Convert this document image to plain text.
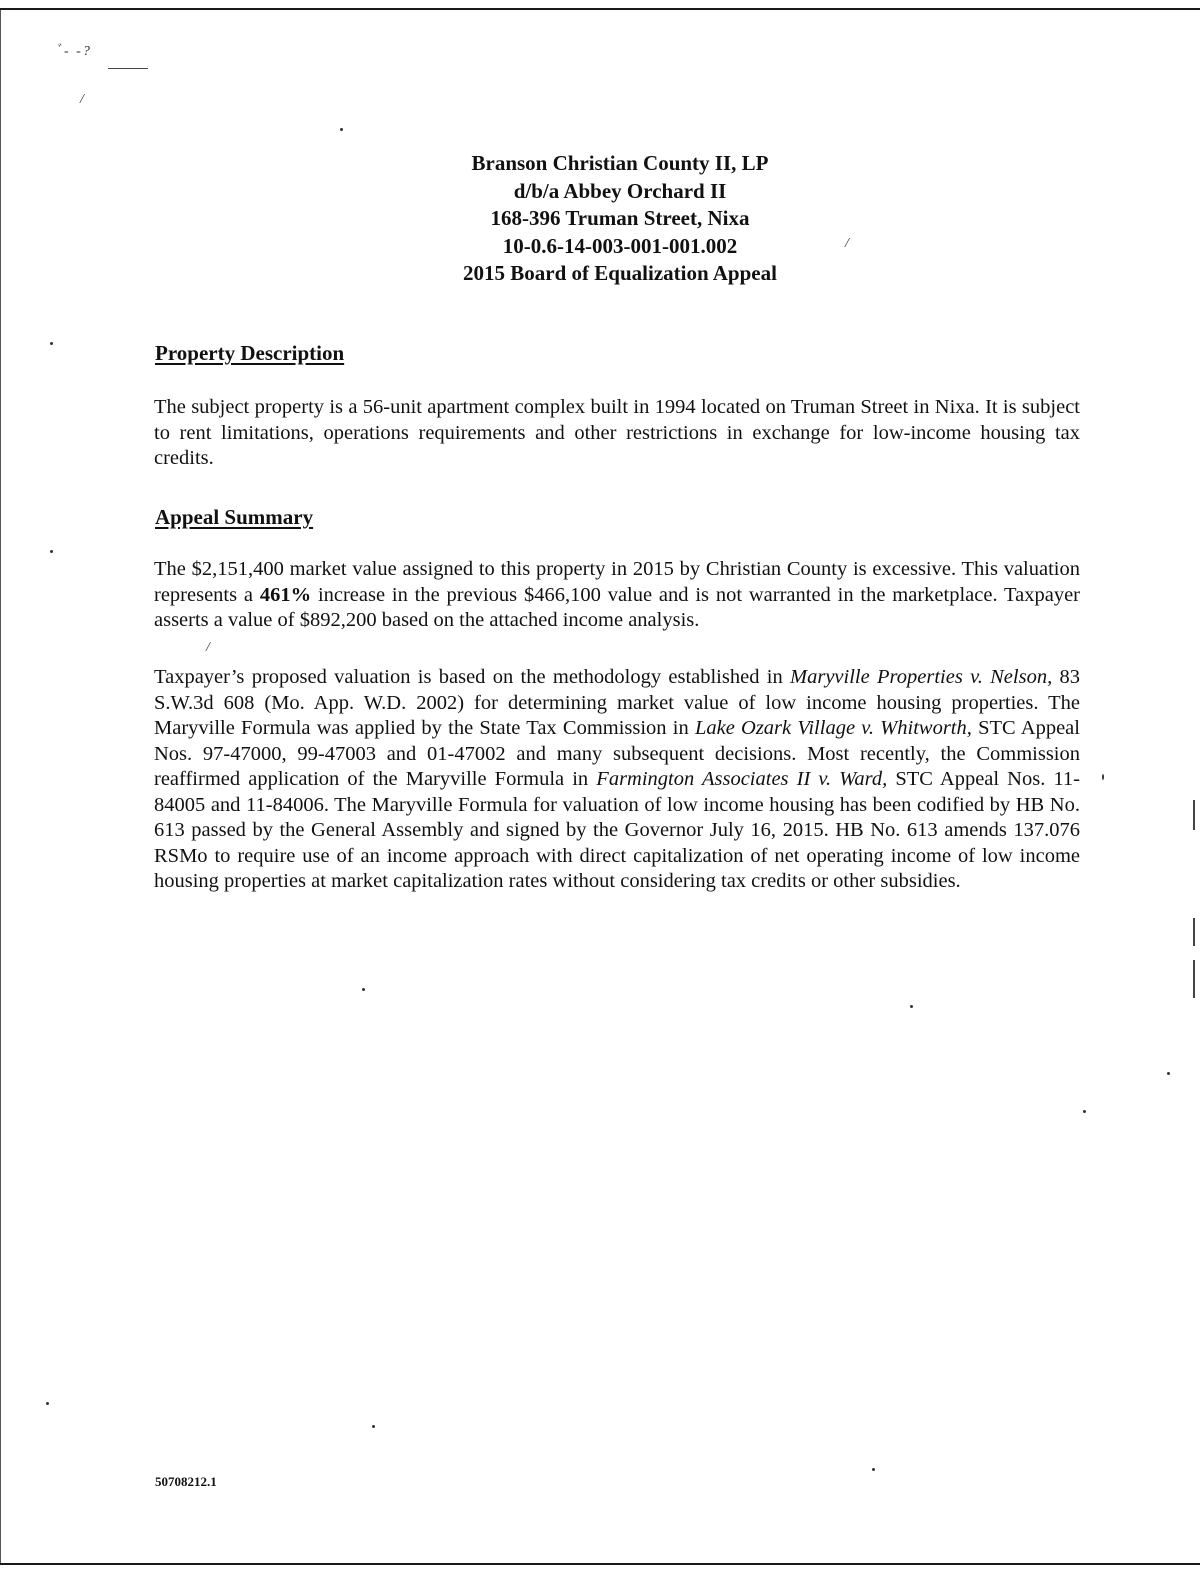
ﾞ- -?
Branson Christian County II, LP
d/b/a Abbey Orchard II
168-396 Truman Street, Nixa
10-0.6-14-003-001-001.002
2015 Board of Equalization Appeal
Property Description

The subject property is a 56-unit apartment complex built in 1994 located on Truman Street in Nixa. It is subject to rent limitations, operations requirements and other restrictions in exchange for low-income housing tax credits.

Appeal Summary

The $2,151,400 market value assigned to this property in 2015 by Christian County is excessive. This valuation represents a 461% increase in the previous $466,100 value and is not warranted in the marketplace. Taxpayer asserts a value of $892,200 based on the attached income analysis.

Taxpayer’s proposed valuation is based on the methodology established in Maryville Properties v. Nelson, 83 S.W.3d 608 (Mo. App. W.D. 2002) for determining market value of low income housing properties. The Maryville Formula was applied by the State Tax Commission in Lake Ozark Village v. Whitworth, STC Appeal Nos. 97-47000, 99-47003 and 01-47002 and many subsequent decisions. Most recently, the Commission reaffirmed application of the Maryville Formula in Farmington Associates II v. Ward, STC Appeal Nos. 11-84005 and 11-84006. The Maryville Formula for valuation of low income housing has been codified by HB No. 613 passed by the General Assembly and signed by the Governor July 16, 2015. HB No. 613 amends 137.076 RSMo to require use of an income approach with direct capitalization of net operating income of low income housing properties at market capitalization rates without considering tax credits or other subsidies.

50708212.1
/
/
/
